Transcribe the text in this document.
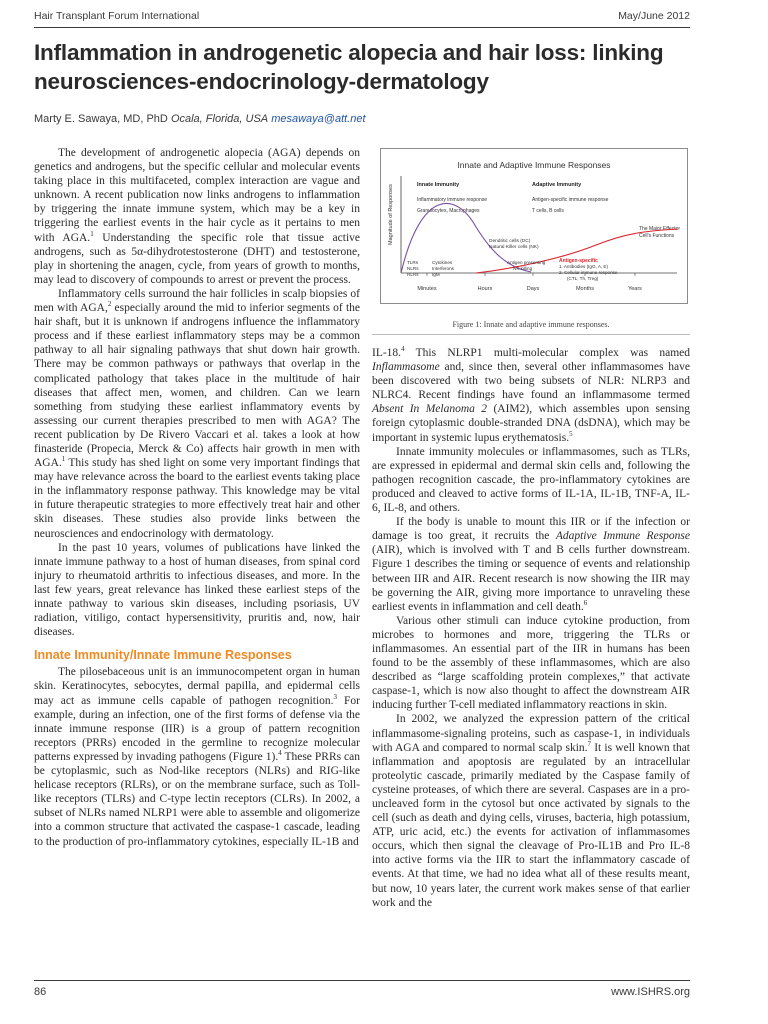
Hair Transplant Forum International	May/June 2012
Inflammation in androgenetic alopecia and hair loss: linking neurosciences-endocrinology-dermatology
Marty E. Sawaya, MD, PhD Ocala, Florida, USA mesawaya@att.net

The development of androgenetic alopecia (AGA) depends on genetics and androgens, but the specific cellular and molecular events taking place in this multifaceted, complex interaction are vague and unknown. A recent publication now links androgens to inflammation by triggering the innate immune system, which may be a key in triggering the earliest events in the hair cycle as it pertains to men with AGA.$^1$ Understanding the specific role that tissue active androgens, such as 5α-dihydrotestosterone (DHT) and testosterone, play in shortening the anagen, cycle, from years of growth to months, may lead to discovery of compounds to arrest or prevent the process.

Inflammatory cells surround the hair follicles in scalp biopsies of men with AGA,$^2$ especially around the mid to inferior segments of the hair shaft, but it is unknown if androgens influence the inflammatory process and if these earliest inflammatory steps may be a common pathway to all hair signaling pathways that shut down hair growth. There may be common pathways or pathways that overlap in the complicated pathology that takes place in the multitude of hair diseases that affect men, women, and children. Can we learn something from studying these earliest inflammatory events by assessing our current therapies prescribed to men with AGA? The recent publication by De Rivero Vaccari et al. takes a look at how finasteride (Propecia, Merck & Co) affects hair growth in men with AGA.$^1$ This study has shed light on some very important findings that may have relevance across the board to the earliest events taking place in the inflammatory response pathway. This knowledge may be vital in future therapeutic strategies to more effectively treat hair and other skin diseases. These studies also provide links between the neurosciences and endocrinology with dermatology.

In the past 10 years, volumes of publications have linked the innate immune pathway to a host of human diseases, from spinal cord injury to rheumatoid arthritis to infectious diseases, and more. In the last few years, great relevance has linked these earliest steps of the innate pathway to various skin diseases, including psoriasis, UV radiation, vitiligo, contact hypersensitivity, pruritis and, now, hair diseases.

Innate Immunity/Innate Immune Responses

The pilosebaceous unit is an immunocompetent organ in human skin. Keratinocytes, sebocytes, dermal papilla, and epidermal cells may act as immune cells capable of pathogen recognition.$^3$ For example, during an infection, one of the first forms of defense via the innate immune response (IIR) is a group of pattern recognition receptors (PRRs) encoded in the germline to recognize molecular patterns expressed by invading pathogens (Figure 1).$^4$ These PRRs can be cytoplasmic, such as Nod-like receptors (NLRs) and RIG-like helicase receptors (RLRs), or on the membrane surface, such as Toll-like receptors (TLRs) and C-type lectin receptors (CLRs). In 2002, a subset of NLRs named NLRP1 were able to assemble and oligomerize into a common structure that activated the caspase-1 cascade, leading to the production of pro-inflammatory cytokines, especially IL-1B and

Innate and Adaptive Immune Responses
Magnitude of Responses	Innate Immunity
Inflammatory immune response
Granulocytes, Macrophages
Adaptive Immunity
Antigen-specific immune response
T cells, B cells
The Major Effector
Cell's Functions
Dendritic cells (DC)
Natural Killer cells (NK)
TLRs
NLRs
RLRs
Cytokines
Interferons
IgM
Antigen presenting
NK killing
Antigen-specific
1. Antibodies (IgG, A, E)
2. Cellular immune response
(CTL, Th, Treg)
Minutes	Hours	Days	Months	Years
Figure 1: Innate and adaptive immune responses.

IL-18.$^4$ This NLRP1 multi-molecular complex was named Inflammasome and, since then, several other inflammasomes have been discovered with two being subsets of NLR: NLRP3 and NLRC4. Recent findings have found an inflammasome termed Absent In Melanoma 2 (AIM2), which assembles upon sensing foreign cytoplasmic double-stranded DNA (dsDNA), which may be important in systemic lupus erythematosis.$^5$

Innate immunity molecules or inflammasomes, such as TLRs, are expressed in epidermal and dermal skin cells and, following the pathogen recognition cascade, the pro-inflammatory cytokines are produced and cleaved to active forms of IL-1A, IL-1B, TNF-A, IL-6, IL-8, and others.

If the body is unable to mount this IIR or if the infection or damage is too great, it recruits the Adaptive Immune Response (AIR), which is involved with T and B cells further downstream. Figure 1 describes the timing or sequence of events and relationship between IIR and AIR. Recent research is now showing the IIR may be governing the AIR, giving more importance to unraveling these earliest events in inflammation and cell death.$^6$

Various other stimuli can induce cytokine production, from microbes to hormones and more, triggering the TLRs or inflammasomes. An essential part of the IIR in humans has been found to be the assembly of these inflammasomes, which are also described as “large scaffolding protein complexes,” that activate caspase-1, which is now also thought to affect the downstream AIR inducing further T-cell mediated inflammatory reactions in skin.

In 2002, we analyzed the expression pattern of the critical inflammasome-signaling proteins, such as caspase-1, in individuals with AGA and compared to normal scalp skin.$^7$ It is well known that inflammation and apoptosis are regulated by an intracellular proteolytic cascade, primarily mediated by the Caspase family of cysteine proteases, of which there are several. Caspases are in a pro-uncleaved form in the cytosol but once activated by signals to the cell (such as death and dying cells, viruses, bacteria, high potassium, ATP, uric acid, etc.) the events for activation of inflammasomes occurs, which then signal the cleavage of Pro-IL1B and Pro IL-8 into active forms via the IIR to start the inflammatory cascade of events. At that time, we had no idea what all of these results meant, but now, 10 years later, the current work makes sense of that earlier work and the

86	www.ISHRS.org
